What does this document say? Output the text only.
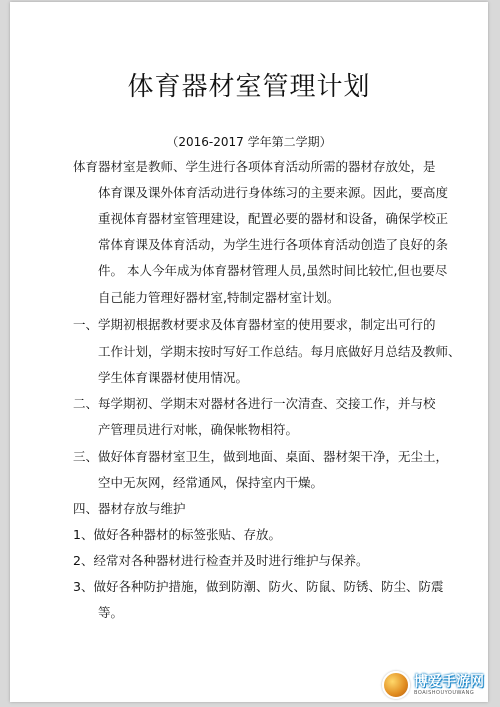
体育器材室管理计划
（2016-2017 学年第二学期）
体育器材室是教师、学生进行各项体育活动所需的器材存放处，是
体育课及课外体育活动进行身体练习的主要来源。因此，要高度
重视体育器材室管理建设，配置必要的器材和设备，确保学校正
常体育课及体育活动，为学生进行各项体育活动创造了良好的条
件。 本人今年成为体育器材管理人员,虽然时间比较忙,但也要尽
自己能力管理好器材室,特制定器材室计划。
一、学期初根据教材要求及体育器材室的使用要求，制定出可行的
工作计划，学期末按时写好工作总结。每月底做好月总结及教师、
学生体育课器材使用情况。
二、每学期初、学期末对器材各进行一次清查、交接工作，并与校
产管理员进行对帐，确保帐物相符。
三、做好体育器材室卫生，做到地面、桌面、器材架干净，无尘土，
空中无灰网，经常通风，保持室内干燥。
四、器材存放与维护
1、做好各种器材的标签张贴、存放。
2、经常对各种器材进行检查并及时进行维护与保养。
3、做好各种防护措施，做到防潮、防火、防鼠、防锈、防尘、防震
等。
博爱手游网
BOAISHOUYOUWANG
